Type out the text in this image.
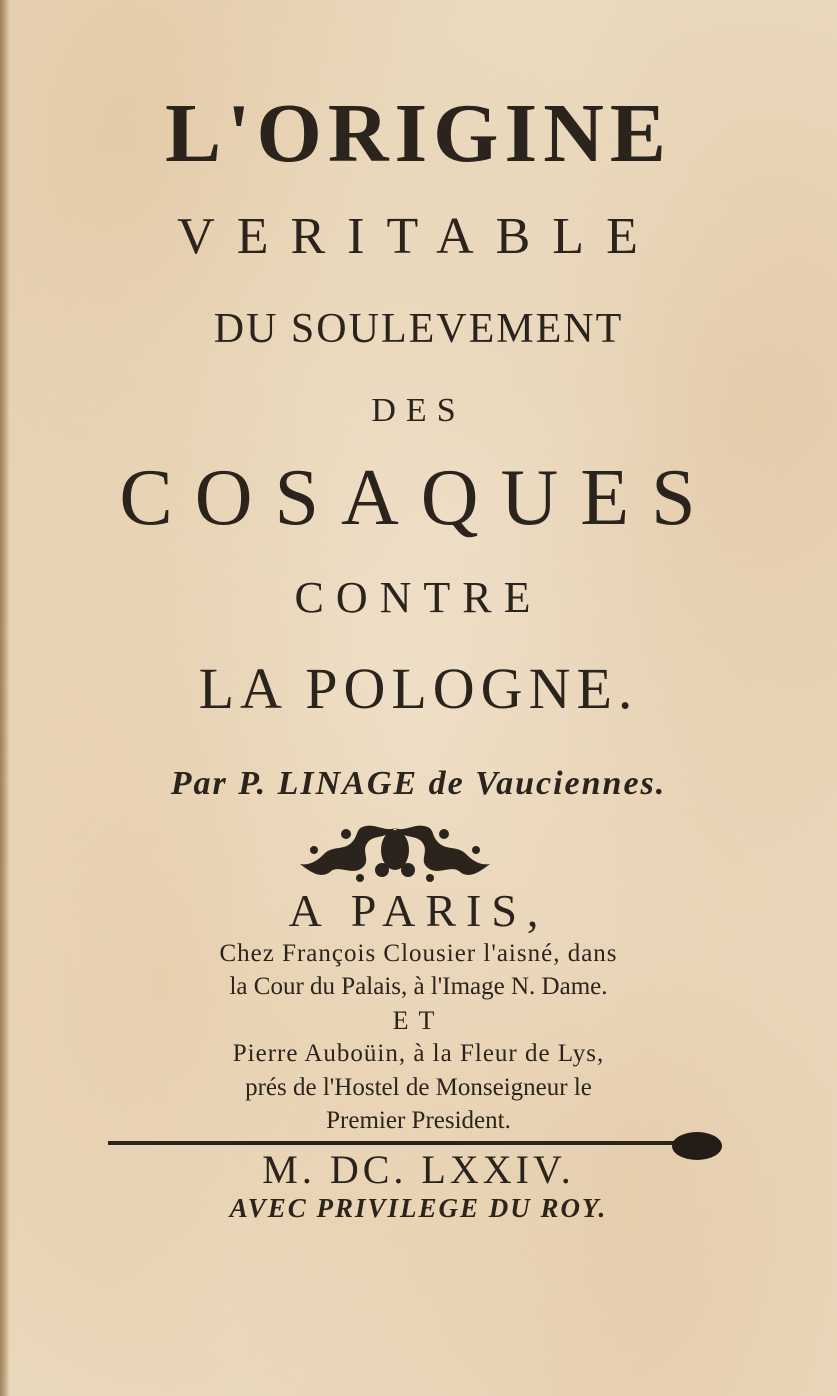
L'ORIGINE
VERITABLE
DU SOULEVEMENT
DES
COSAQUES
CONTRE
LA POLOGNE.
Par P. LINAGE de Vauciennes.
A PARIS,
Chez François Clousier l'aisné, dans
la Cour du Palais, à l'Image N. Dame.
ET
Pierre Auboüin, à la Fleur de Lys,
prés de l'Hostel de Monseigneur le
Premier President.
M. DC. LXXIV.
AVEC PRIVILEGE DU ROY.
